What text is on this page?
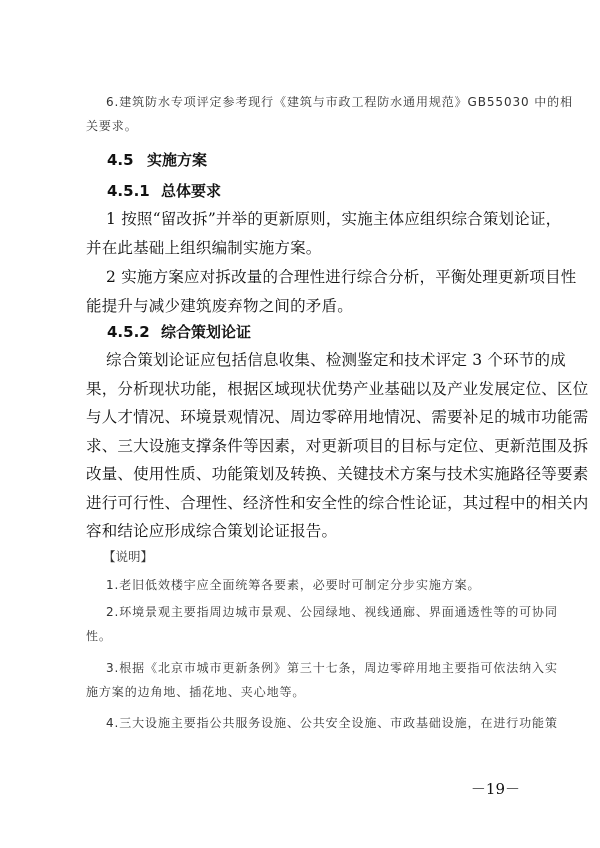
6.建筑防水专项评定参考现行《建筑与市政工程防水通用规范》GB55030 中的相
关要求。

4.5 实施方案
4.5.1 总体要求

1 按照“留改拆”并举的更新原则，实施主体应组织综合策划论证，
并在此基础上组织编制实施方案。

2 实施方案应对拆改量的合理性进行综合分析，平衡处理更新项目性
能提升与减少建筑废弃物之间的矛盾。

4.5.2 综合策划论证

综合策划论证应包括信息收集、检测鉴定和技术评定 3 个环节的成
果，分析现状功能，根据区域现状优势产业基础以及产业发展定位、区位
与人才情况、环境景观情况、周边零碎用地情况、需要补足的城市功能需
求、三大设施支撑条件等因素，对更新项目的目标与定位、更新范围及拆
改量、使用性质、功能策划及转换、关键技术方案与技术实施路径等要素
进行可行性、合理性、经济性和安全性的综合性论证，其过程中的相关内
容和结论应形成综合策划论证报告。

【说明】

1.老旧低效楼宇应全面统筹各要素，必要时可制定分步实施方案。

2.环境景观主要指周边城市景观、公园绿地、视线通廊、界面通透性等的可协同
性。

3.根据《北京市城市更新条例》第三十七条，周边零碎用地主要指可依法纳入实
施方案的边角地、插花地、夹心地等。

4.三大设施主要指公共服务设施、公共安全设施、市政基础设施，在进行功能策

－19－
